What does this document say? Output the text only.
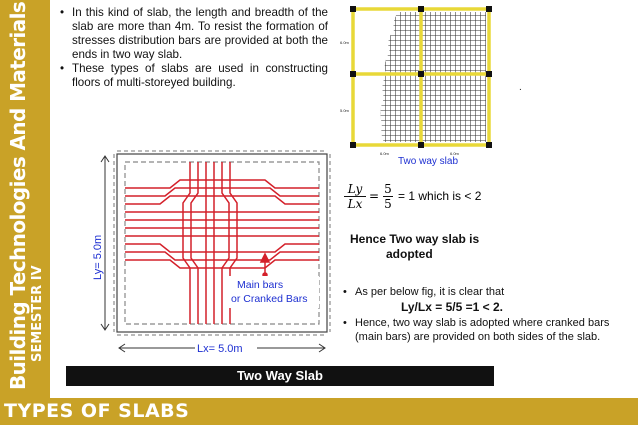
Building Technologies And Materials SEMESTER IV
• In this kind of slab, the length and breadth of the slab are more than 4m. To resist the formation of stresses distribution bars are provided at both the ends in two way slab.
• These types of slabs are used in constructing floors of multi-storeyed building.
6.0m
5.0m
6.0m	6.0m
.
Two way slab
$\frac{Ly}{Lx} = \frac{5}{5} = 1$ which is < 2
Hence Two way slab is
adopted
Lx= 5.0m
Main bars
or Cranked Bars
Ly= 5.0m
Two Way Slab
• As per below fig, it is clear that
Ly/Lx = 5/5 =1 < 2.
• Hence, two way slab is adopted where cranked bars (main bars) are provided on both sides of the slab.
TYPES OF SLABS
